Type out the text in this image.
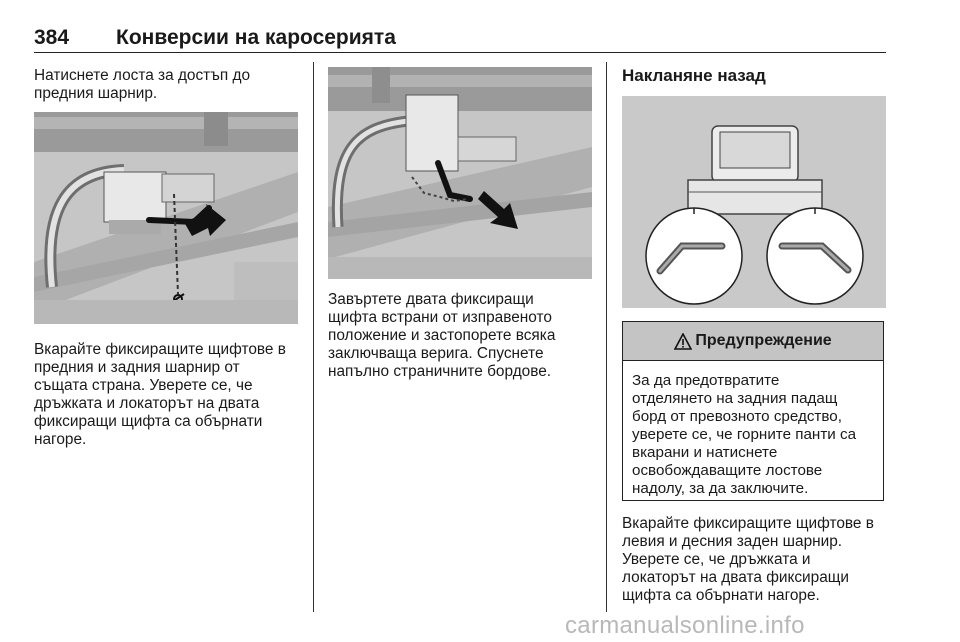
384 Конверсии на каросерията

Натиснете лоста за достъп до
предния шарнир.

Вкарайте фиксиращите щифтове в
предния и задния шарнир от
същата страна. Уверете се, че
дръжката и локаторът на двата
фиксиращи щифта са обърнати
нагоре.

Завъртете двата фиксиращи
щифта встрани от изправеното
положение и застопорете всяка
заключваща верига. Спуснете
напълно страничните бордове.

Накланяне назад
Предупреждение
За да предотвратите
отделянето на задния падащ
борд от превозното средство,
уверете се, че горните панти са
вкарани и натиснете
освобождаващите лостове
надолу, за да заключите.

Вкарайте фиксиращите щифтове в
левия и десния заден шарнир.
Уверете се, че дръжката и
локаторът на двата фиксиращи
щифта са обърнати нагоре.

carmanualsonline.info
